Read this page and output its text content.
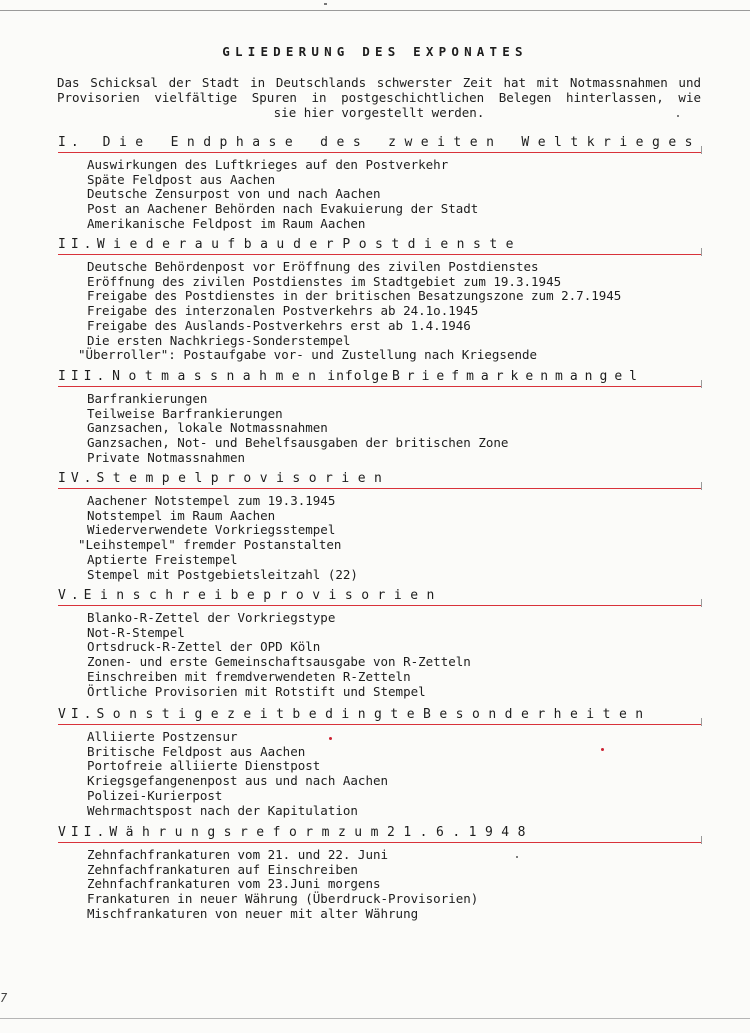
GLIEDERUNG DES EXPONATES
Das Schicksal der Stadt in Deutschlands schwerster Zeit hat mit Notmassnahmen und
Provisorien vielfältige Spuren in postgeschichtlichen Belegen hinterlassen, wie
sie hier vorgestellt werden.
I. Die Endphase des zweiten Weltkrieges
Auswirkungen des Luftkrieges auf den Postverkehr
Späte Feldpost aus Aachen
Deutsche Zensurpost von und nach Aachen
Post an Aachener Behörden nach Evakuierung der Stadt
Amerikanische Feldpost im Raum Aachen
II. Wiederaufbau der Postdienste
Deutsche Behördenpost vor Eröffnung des zivilen Postdienstes
Eröffnung des zivilen Postdienstes im Stadtgebiet zum 19.3.1945
Freigabe des Postdienstes in der britischen Besatzungszone zum 2.7.1945
Freigabe des interzonalen Postverkehrs ab 24.1o.1945
Freigabe des Auslands-Postverkehrs erst ab 1.4.1946
Die ersten Nachkriegs-Sonderstempel
"Überroller": Postaufgabe vor- und Zustellung nach Kriegsende
III. Notmassnahmen infolge Briefmarkenmangel
Barfrankierungen
Teilweise Barfrankierungen
Ganzsachen, lokale Notmassnahmen
Ganzsachen, Not- und Behelfsausgaben der britischen Zone
Private Notmassnahmen
IV. Stempelprovisorien
Aachener Notstempel zum 19.3.1945
Notstempel im Raum Aachen
Wiederverwendete Vorkriegsstempel
"Leihstempel" fremder Postanstalten
Aptierte Freistempel
Stempel mit Postgebietsleitzahl (22)
V. Einschreibeprovisorien
Blanko-R-Zettel der Vorkriegstype
Not-R-Stempel
Ortsdruck-R-Zettel der OPD Köln
Zonen- und erste Gemeinschaftsausgabe von R-Zetteln
Einschreiben mit fremdverwendeten R-Zetteln
Örtliche Provisorien mit Rotstift und Stempel
VI. Sonstige zeitbedingte Besonderheiten
Alliierte Postzensur
Britische Feldpost aus Aachen
Portofreie alliierte Dienstpost
Kriegsgefangenenpost aus und nach Aachen
Polizei-Kurierpost
Wehrmachtspost nach der Kapitulation
VII. Währungsreform zum 21.6.1948
Zehnfachfrankaturen vom 21. und 22. Juni
Zehnfachfrankaturen auf Einschreiben
Zehnfachfrankaturen vom 23.Juni morgens
Frankaturen in neuer Währung (Überdruck-Provisorien)
Mischfrankaturen von neuer mit alter Währung
7
